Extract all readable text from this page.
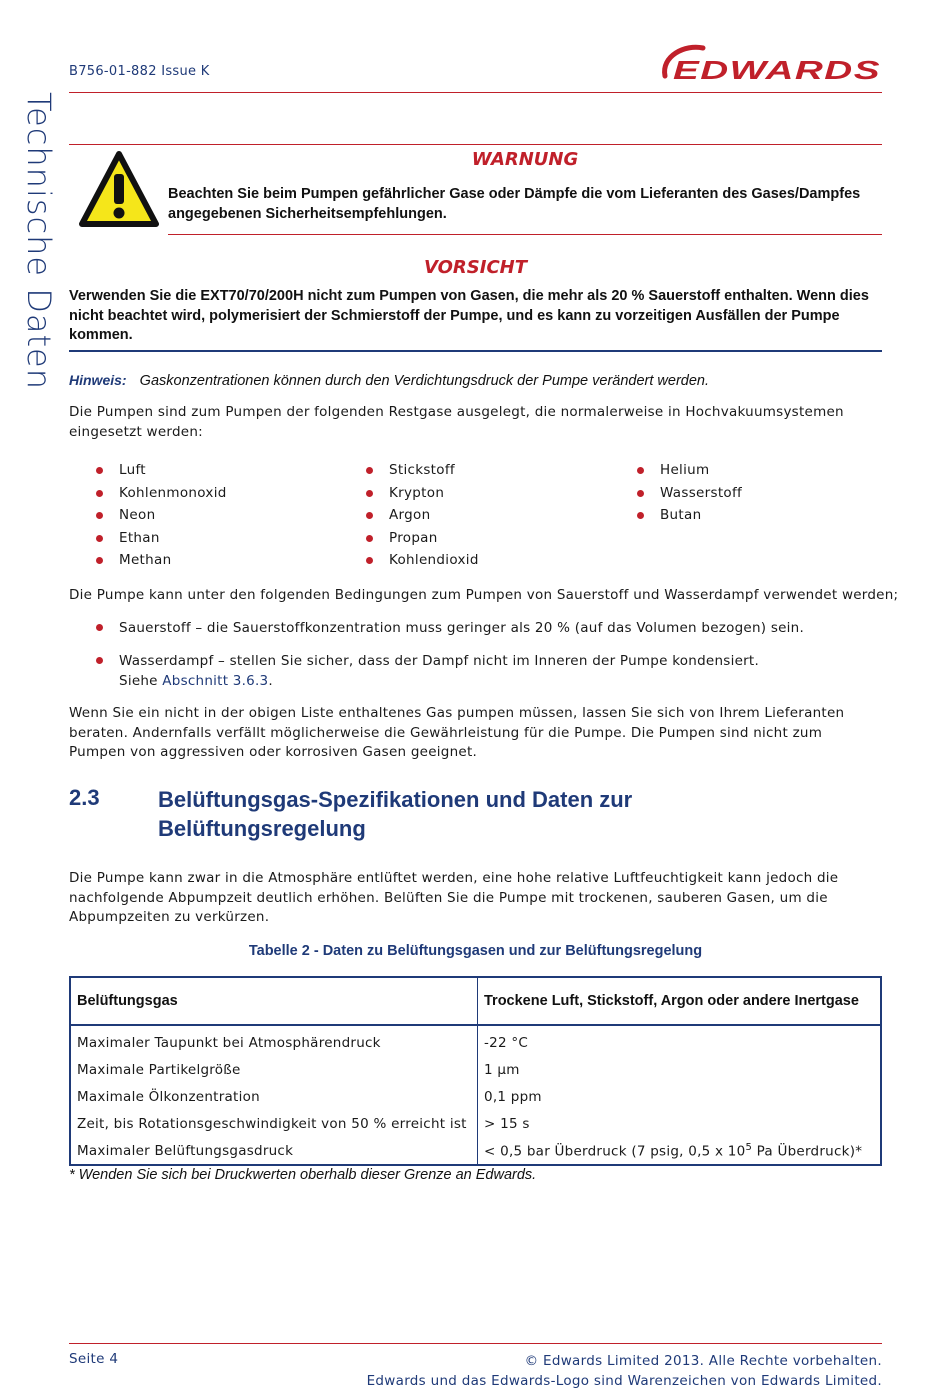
B756-01-882 Issue K	EDWARDS
Technische Daten	WARNUNG
Beachten Sie beim Pumpen gefährlicher Gase oder Dämpfe die vom Lieferanten des Gases/Dampfes angegebenen Sicherheitsempfehlungen.
VORSICHT
Verwenden Sie die EXT70/70/200H nicht zum Pumpen von Gasen, die mehr als 20 % Sauerstoff enthalten. Wenn dies nicht beachtet wird, polymerisiert der Schmierstoff der Pumpe, und es kann zu vorzeitigen Ausfällen der Pumpe kommen.
Hinweis: Gaskonzentrationen können durch den Verdichtungsdruck der Pumpe verändert werden.
Die Pumpen sind zum Pumpen der folgenden Restgase ausgelegt, die normalerweise in Hochvakuumsystemen eingesetzt werden:
Luft
Kohlenmonoxid
Neon
Ethan
Methan
Stickstoff
Krypton
Argon
Propan
Kohlendioxid
Helium
Wasserstoff
Butan
Die Pumpe kann unter den folgenden Bedingungen zum Pumpen von Sauerstoff und Wasserdampf verwendet werden;
Sauerstoff – die Sauerstoffkonzentration muss geringer als 20 % (auf das Volumen bezogen) sein.
Wasserdampf – stellen Sie sicher, dass der Dampf nicht im Inneren der Pumpe kondensiert.
Siehe Abschnitt 3.6.3.
Wenn Sie ein nicht in der obigen Liste enthaltenes Gas pumpen müssen, lassen Sie sich von Ihrem Lieferanten beraten. Andernfalls verfällt möglicherweise die Gewährleistung für die Pumpe. Die Pumpen sind nicht zum Pumpen von aggressiven oder korrosiven Gasen geeignet.
2.3	Belüftungsgas-Spezifikationen und Daten zur Belüftungsregelung
Die Pumpe kann zwar in die Atmosphäre entlüftet werden, eine hohe relative Luftfeuchtigkeit kann jedoch die nachfolgende Abpumpzeit deutlich erhöhen. Belüften Sie die Pumpe mit trockenen, sauberen Gasen, um die Abpumpzeiten zu verkürzen.
Tabelle 2 - Daten zu Belüftungsgasen und zur Belüftungsregelung
Belüftungsgas	Trockene Luft, Stickstoff, Argon oder andere Inertgase
Maximaler Taupunkt bei Atmosphärendruck	-22 °C
Maximale Partikelgröße	1 µm
Maximale Ölkonzentration	0,1 ppm
Zeit, bis Rotationsgeschwindigkeit von 50 % erreicht ist	> 15 s
Maximaler Belüftungsgasdruck	< 0,5 bar Überdruck (7 psig, 0,5 x $10^5$ Pa Überdruck)*
* Wenden Sie sich bei Druckwerten oberhalb dieser Grenze an Edwards.
Seite 4	© Edwards Limited 2013. Alle Rechte vorbehalten.
Edwards und das Edwards-Logo sind Warenzeichen von Edwards Limited.
